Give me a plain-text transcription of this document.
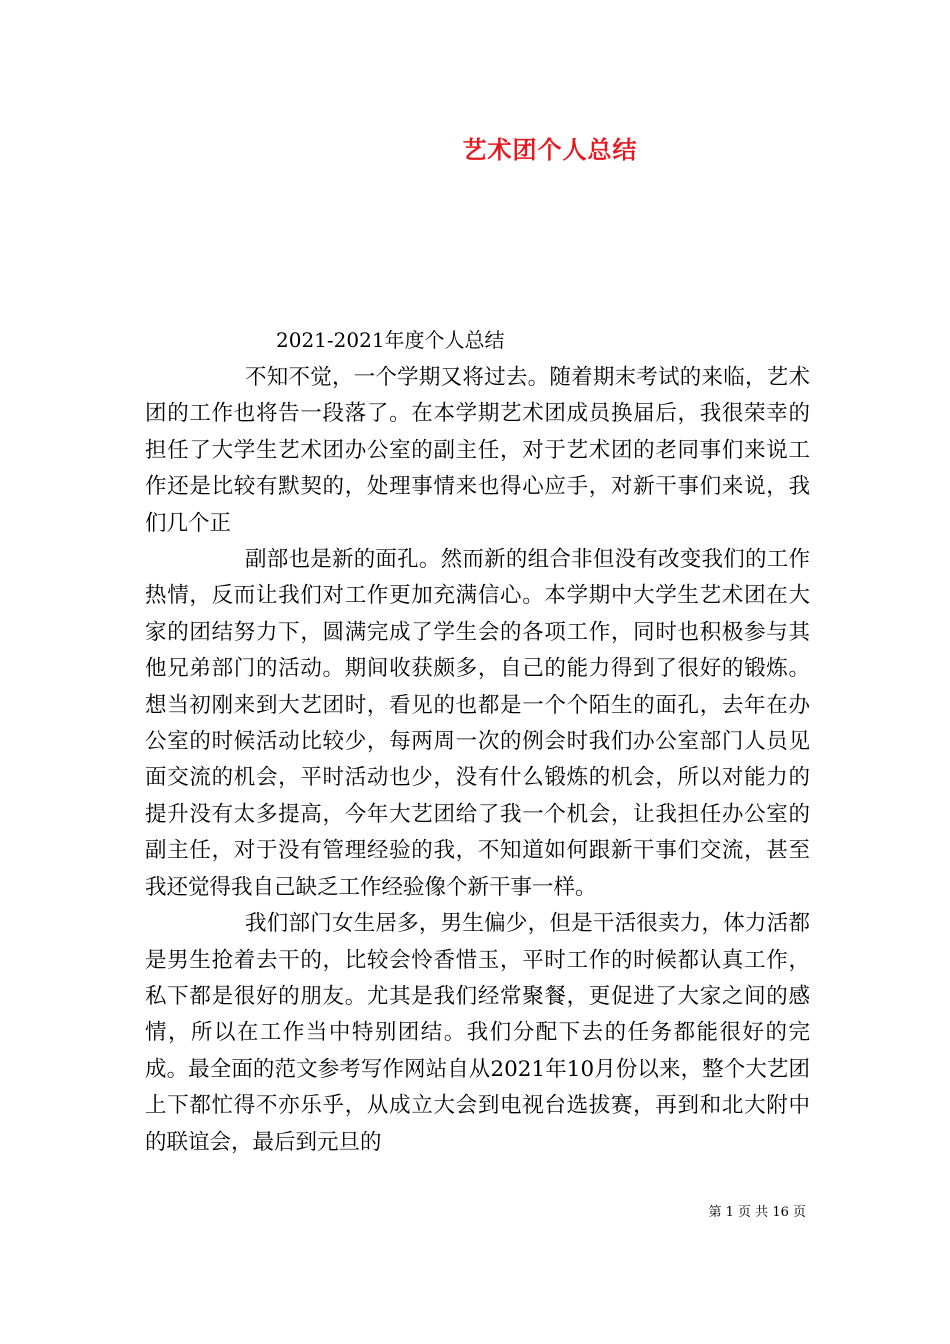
艺术团个人总结
2021-2021年度个人总结

不知不觉，一个学期又将过去。随着期末考试的来临，艺术团的工作也将告一段落了。在本学期艺术团成员换届后，我很荣幸的担任了大学生艺术团办公室的副主任，对于艺术团的老同事们来说工作还是比较有默契的，处理事情来也得心应手，对新干事们来说，我们几个正

副部也是新的面孔。然而新的组合非但没有改变我们的工作热情，反而让我们对工作更加充满信心。本学期中大学生艺术团在大家的团结努力下，圆满完成了学生会的各项工作，同时也积极参与其他兄弟部门的活动。期间收获颇多，自己的能力得到了很好的锻炼。想当初刚来到大艺团时，看见的也都是一个个陌生的面孔，去年在办公室的时候活动比较少，每两周一次的例会时我们办公室部门人员见面交流的机会，平时活动也少，没有什么锻炼的机会，所以对能力的提升没有太多提高，今年大艺团给了我一个机会，让我担任办公室的副主任，对于没有管理经验的我，不知道如何跟新干事们交流，甚至我还觉得我自己缺乏工作经验像个新干事一样。

我们部门女生居多，男生偏少，但是干活很卖力，体力活都是男生抢着去干的，比较会怜香惜玉，平时工作的时候都认真工作，私下都是很好的朋友。尤其是我们经常聚餐，更促进了大家之间的感情，所以在工作当中特别团结。我们分配下去的任务都能很好的完成。最全面的范文参考写作网站自从2021年10月份以来，整个大艺团上下都忙得不亦乐乎，从成立大会到电视台选拔赛，再到和北大附中的联谊会，最后到元旦的

第 1 页 共 16 页
